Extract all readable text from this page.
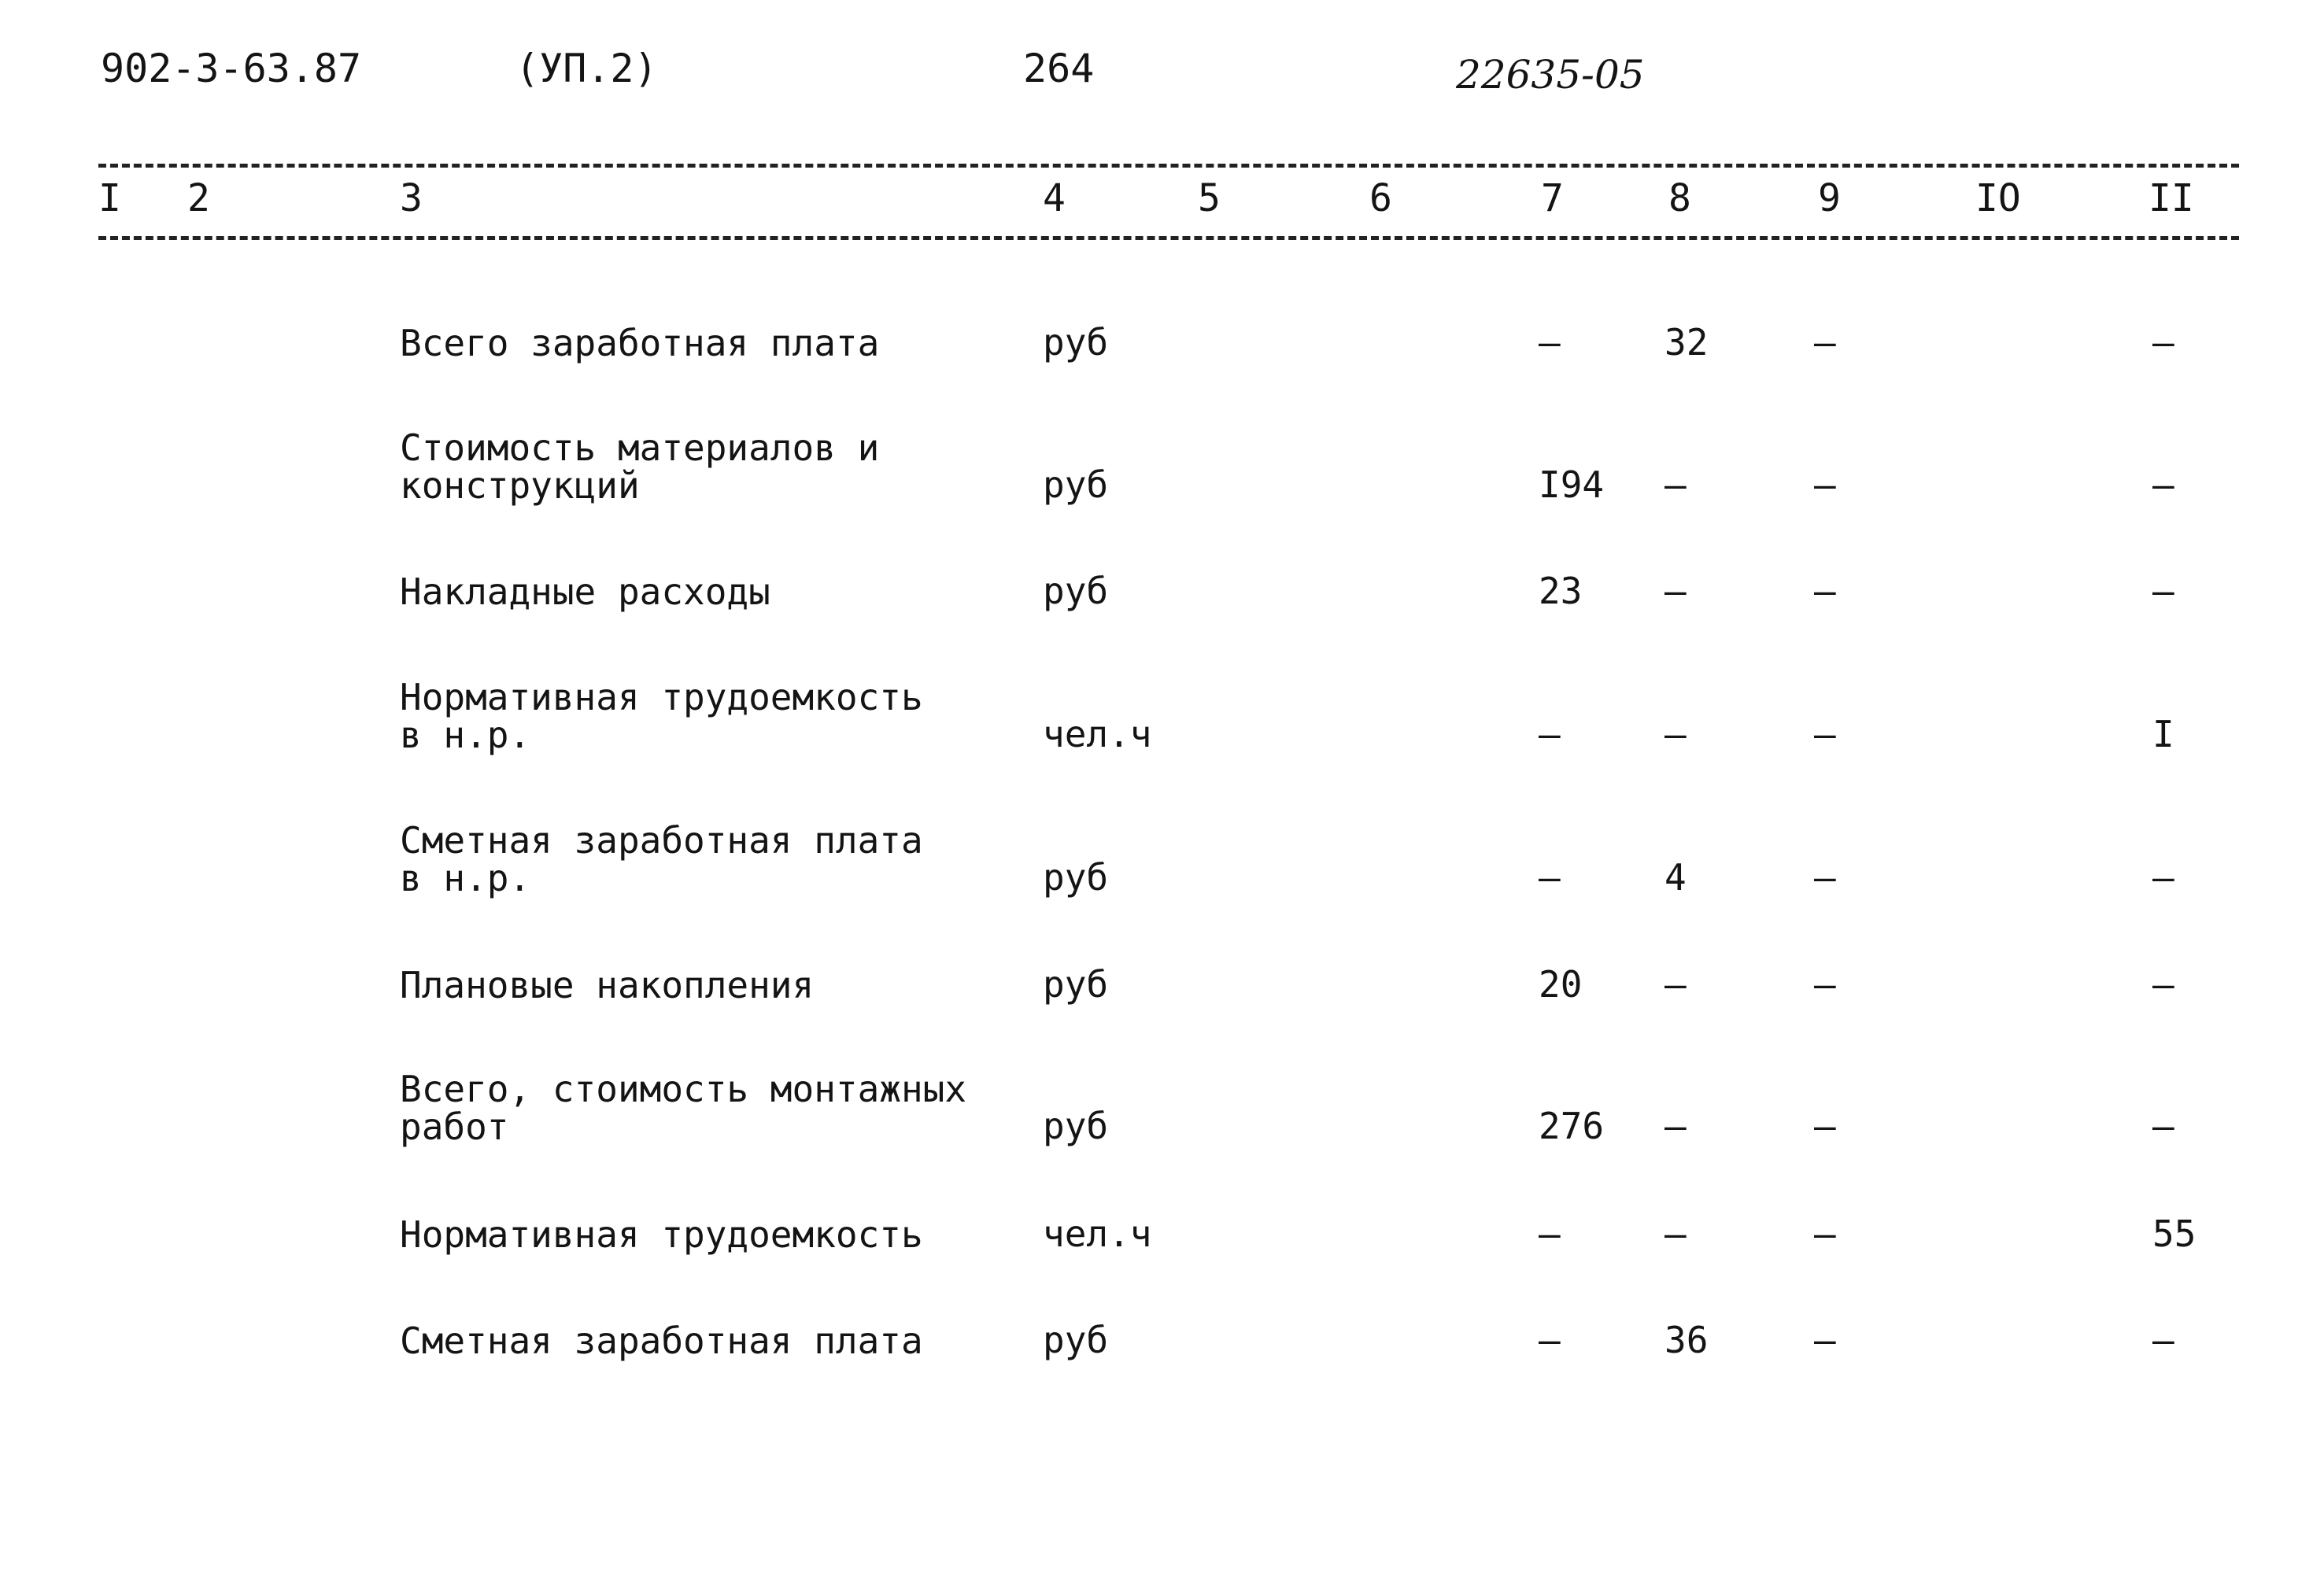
902-3-63.87	(УП.2)	264	22635-05
I 2	3	4	5	6	7	8	9	IO	II
Всего заработная плата	руб	–	32	–	–
Стоимость материалов и
конструкций	руб	I94 –	–	–
Накладные расходы	руб	23 –	–	–
Нормативная трудоемкость
в н.р.	чел.ч	–	–	–	I
Сметная заработная плата
в н.р.	руб	–	4	–	–
Плановые накопления	руб	20 –	–	–
Всего, стоимость монтажных
работ	руб	276 –	–	–
Нормативная трудоемкость	чел.ч	–	–	–	55
Сметная заработная плата	руб	–	36	–	–
